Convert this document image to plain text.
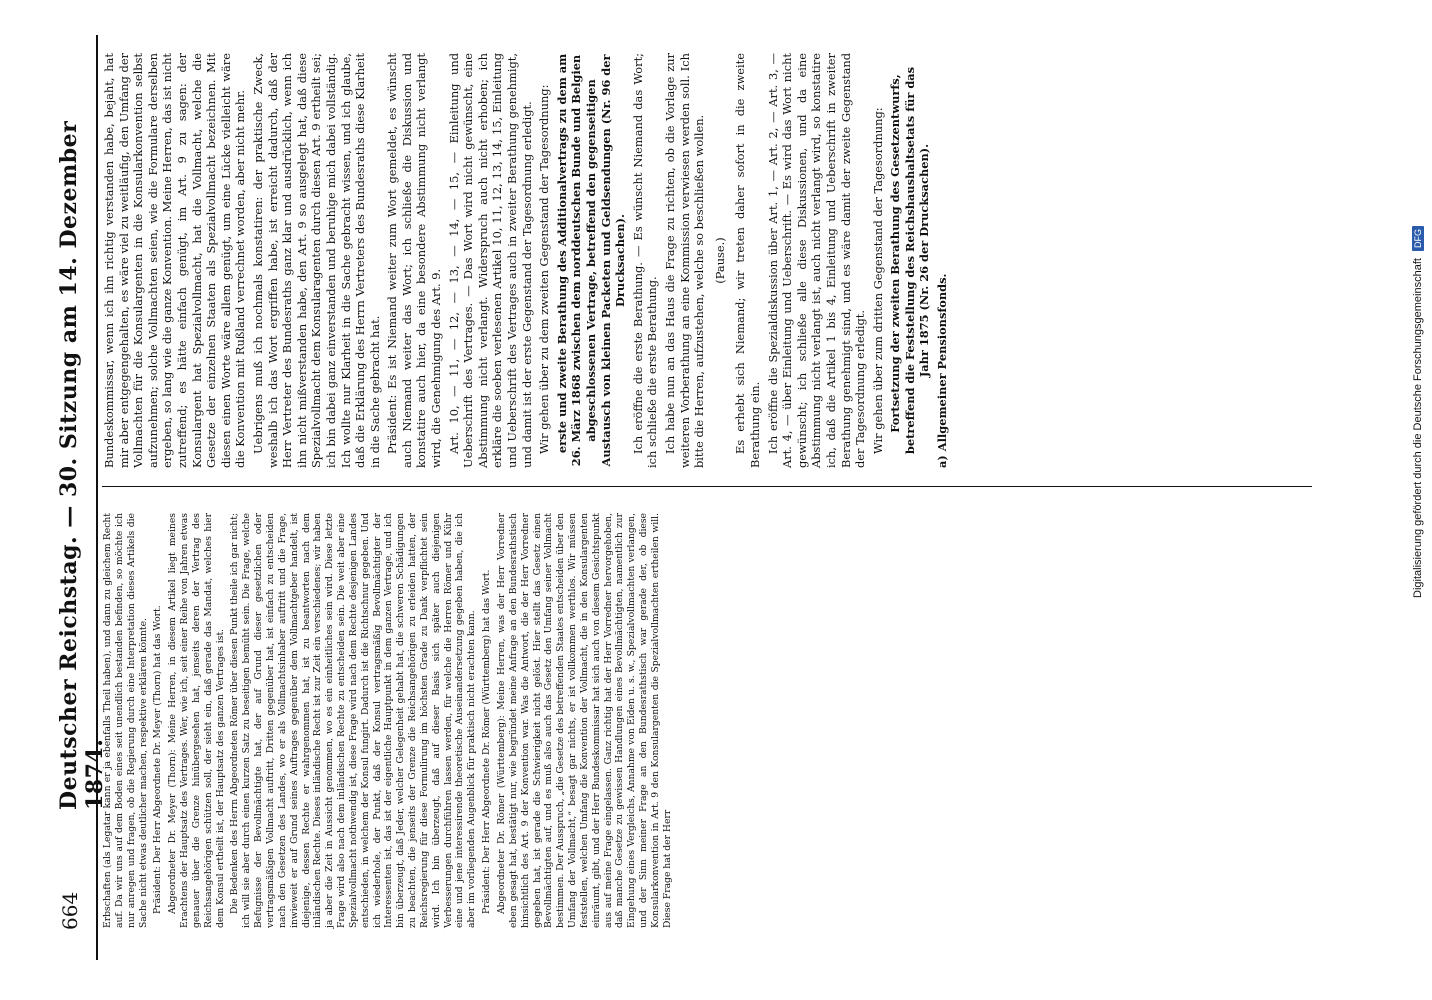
664
Deutscher Reichstag. — 30. Sitzung am 14. Dezember 1874.

Erbschaften (als Legatar kann er ja ebenfalls Theil haben), und dann zu gleichem Recht auf. Da wir uns auf dem Boden eines seit unendlich bestanden befinden, so möchte ich nur anregen und fragen, ob die Regierung durch eine Interpretation dieses Artikels die Sache nicht etwas deutlicher machen, respektive erklären könnte. Präsident: Der Herr Abgeordnete Dr. Meyer (Thorn) hat das Wort. Abgeordneter Dr. Meyer (Thorn): Meine Herren, in diesem Artikel liegt meines Erachtens der Hauptsatz des Vertrages. Wer, wie ich, seit einer Reihe von Jahren etwas genauer über die Grenze hinübergesehen hat, jenseits deren der Vertrag des Reichsangehörigen schützen soll, der sieht ein, daß gerade das Mandat, welches hier dem Konsul ertheilt ist, der Hauptsatz des ganzen Vertrages ist. Die Bedenken des Herrn Abgeordneten Römer über diesen Punkt theile ich gar nicht; ich will sie aber durch einen kurzen Satz zu beseitigen bemüht sein. Die Frage, welche Befugnisse der Bevollmächtigte hat, der auf Grund dieser gesetzlichen oder vertragsmäßigen Vollmacht auftritt, Dritten gegenüber hat, ist einfach zu entscheiden nach den Gesetzen des Landes, wo er als Vollmachtsinhaber auftritt und die Frage, inwieweit er auf Grund seines Auftrages gegenüber dem Vollmachtgeber handelt, ist diejenige, dessen Rechte er wahrgenommen hat, ist zu beantworten nach dem inländischen Rechte. Dieses inländische Recht ist zur Zeit ein verschiedenes; wir haben ja aber die Zeit in Aussicht genommen, wo es ein einheitliches sein wird. Diese letzte Frage wird also nach dem inländischen Rechte zu entscheiden sein. Die weit aber eine Spezialvollmacht nothwendig ist, diese Frage wird nach dem Rechte desjenigen Landes entschieden, in welchem der Konsul fungirt. Dadurch ist die Richtschnur gegeben. Und ich wiederhole, der Punkt, daß der Konsul vertragsmäßig Bevollmächtigter der Interessenten ist, das ist der eigentliche Hauptpunkt in dem ganzen Vertrage, und ich bin überzeugt, daß Jeder, welcher Gelegenheit gehabt hat, die schweren Schädigungen zu beachten, die jenseits der Grenze die Reichsangehörigen zu erleiden hatten, der Reichsregierung für diese Formulirung im höchsten Grade zu Dank verpflichtet sein wird. Ich bin überzeugt, daß auf dieser Basis sich später auch diejenigen Verbesserungen durchführen lassen werden, für welche die Herren Römer und Kühr eine und jene interessirende theoretische Auseinandersetzung gegeben haben, die ich aber im vorliegenden Augenblick für praktisch nicht erachten kann. Präsident: Der Herr Abgeordnete Dr. Römer (Württemberg) hat das Wort. Abgeordneter Dr. Römer (Württemberg): Meine Herren, was der Herr Vorredner eben gesagt hat, bestätigt nur, wie begründet meine Anfrage an den Bundesrathstisch hinsichtlich des Art. 9 der Konvention war. Was die Antwort, die der Herr Vorredner gegeben hat, ist gerade die Schwierigkeit nicht gelöst. Hier stellt das Gesetz einen Bevollmächtigten auf, und es muß also auch das Gesetz den Umfang seiner Vollmacht bestimmen. Der Ausspruch, „die Gesetze des betreffenden Staates entscheiden über den Umfang der Vollmacht,“ besagt gar nichts, er ist vollkommen werthlos. Wir müssen feststellen, welchen Umfang die Konvention der Vollmacht, die in den Konsulargenten einräumt, gibt, und der Herr Bundeskommissar hat sich auch von diesem Gesichtspunkt aus auf meine Frage eingelassen. Ganz richtig hat der Herr Vorredner hervorgehoben, daß manche Gesetze zu gewissen Handlungen eines Bevollmächtigten, namentlich zur Eingehung eines Vergleichs, Annahme von Eiden u. s. w., Spezialvollmachten verlangen, und der Sinn meiner Frage an den Bundesrathstisch war gerade der, ob diese Konsularkonvention in Art. 9 den Konsulargenten die Spezialvollmachten ertheilen will. Diese Frage hat der Herr

Bundeskommissar, wenn ich ihn richtig verstanden habe, bejaht, hat mir aber entgegengehalten, es wäre viel zu weitläufig, den Umfang der Vollmachten für die Konsulargenten in die Konsularkonvention selbst aufzunehmen; solche Vollmachten seien, wie die Formulare derselben ergeben, so lang wie die ganze Konvention. Meine Herren, das ist nicht zutreffend; es hätte einfach genügt, im Art. 9 zu sagen: der Konsulargent hat Spezialvollmacht, hat die Vollmacht, welche die Gesetze der einzelnen Staaten als Spezialvollmacht bezeichnen. Mit diesen einen Worte wäre allem genügt, um eine Lücke vielleicht wäre die Konvention mit Rußland verrechnet worden, aber nicht mehr. Uebrigens muß ich nochmals konstatiren: der praktische Zweck, weshalb ich das Wort ergriffen habe, ist erreicht dadurch, daß der Herr Vertreter des Bundesraths ganz klar und ausdrücklich, wenn ich ihn nicht mißverstanden habe, den Art. 9 so ausgelegt hat, daß diese Spezialvollmacht dem Konsularagenten durch diesen Art. 9 ertheilt sei; ich bin dabei ganz einverstanden und beruhige mich dabei vollständig. Ich wollte nur Klarheit in die Sache gebracht wissen, und ich glaube, daß die Erklärung des Herrn Vertreters des Bundesraths diese Klarheit in die Sache gebracht hat. Präsident: Es ist Niemand weiter zum Wort gemeldet, es wünscht auch Niemand weiter das Wort; ich schließe die Diskussion und konstatire auch hier, da eine besondere Abstimmung nicht verlangt wird, die Genehmigung des Art. 9. Art. 10, — 11, — 12, — 13, — 14, — 15, — Einleitung und Ueberschrift des Vertrages. — Das Wort wird nicht gewünscht, eine Abstimmung nicht verlangt. Widerspruch auch nicht erhoben; ich erkläre die soeben verlesenen Artikel 10, 11, 12, 13, 14, 15, Einleitung und Ueberschrift des Vertrages auch in zweiter Berathung genehmigt, und damit ist der erste Gegenstand der Tagesordnung erledigt. Wir gehen über zu dem zweiten Gegenstand der Tagesordnung: erste und zweite Berathung des Additionalvertrags zu dem am 26. März 1868 zwischen dem norddeutschen Bunde und Belgien abgeschlossenen Vertrage, betreffend den gegenseitigen Austausch von kleinen Packeten und Geldsendungen (Nr. 96 der Drucksachen). Ich eröffne die erste Berathung. — Es wünscht Niemand das Wort; ich schließe die erste Berathung. Ich habe nun an das Haus die Frage zu richten, ob die Vorlage zur weiteren Vorberathung an eine Kommission verwiesen werden soll. Ich bitte die Herren, aufzustehen, welche so beschließen wollen. (Pause.) Es erhebt sich Niemand; wir treten daher sofort in die zweite Berathung ein. Ich eröffne die Spezialdiskussion über Art. 1, — Art. 2, — Art. 3, — Art. 4, — über Einleitung und Ueberschrift. — Es wird das Wort nicht gewünscht; ich schließe alle diese Diskussionen, und da eine Abstimmung nicht verlangt ist, auch nicht verlangt wird, so konstatire ich, daß die Artikel 1 bis 4, Einleitung und Ueberschrift in zweiter Berathung genehmigt sind, und es wäre damit der zweite Gegenstand der Tagesordnung erledigt. Wir gehen über zum dritten Gegenstand der Tagesordnung: Fortsetzung der zweiten Berathung des Gesetzentwurfs, betreffend die Feststellung des Reichshaushaltsetats für das Jahr 1875 (Nr. 26 der Drucksachen). a) Allgemeiner Pensionsfonds.	Digitalisierung gefördert durch die Deutsche Forschungsgemeinschaft DFG
